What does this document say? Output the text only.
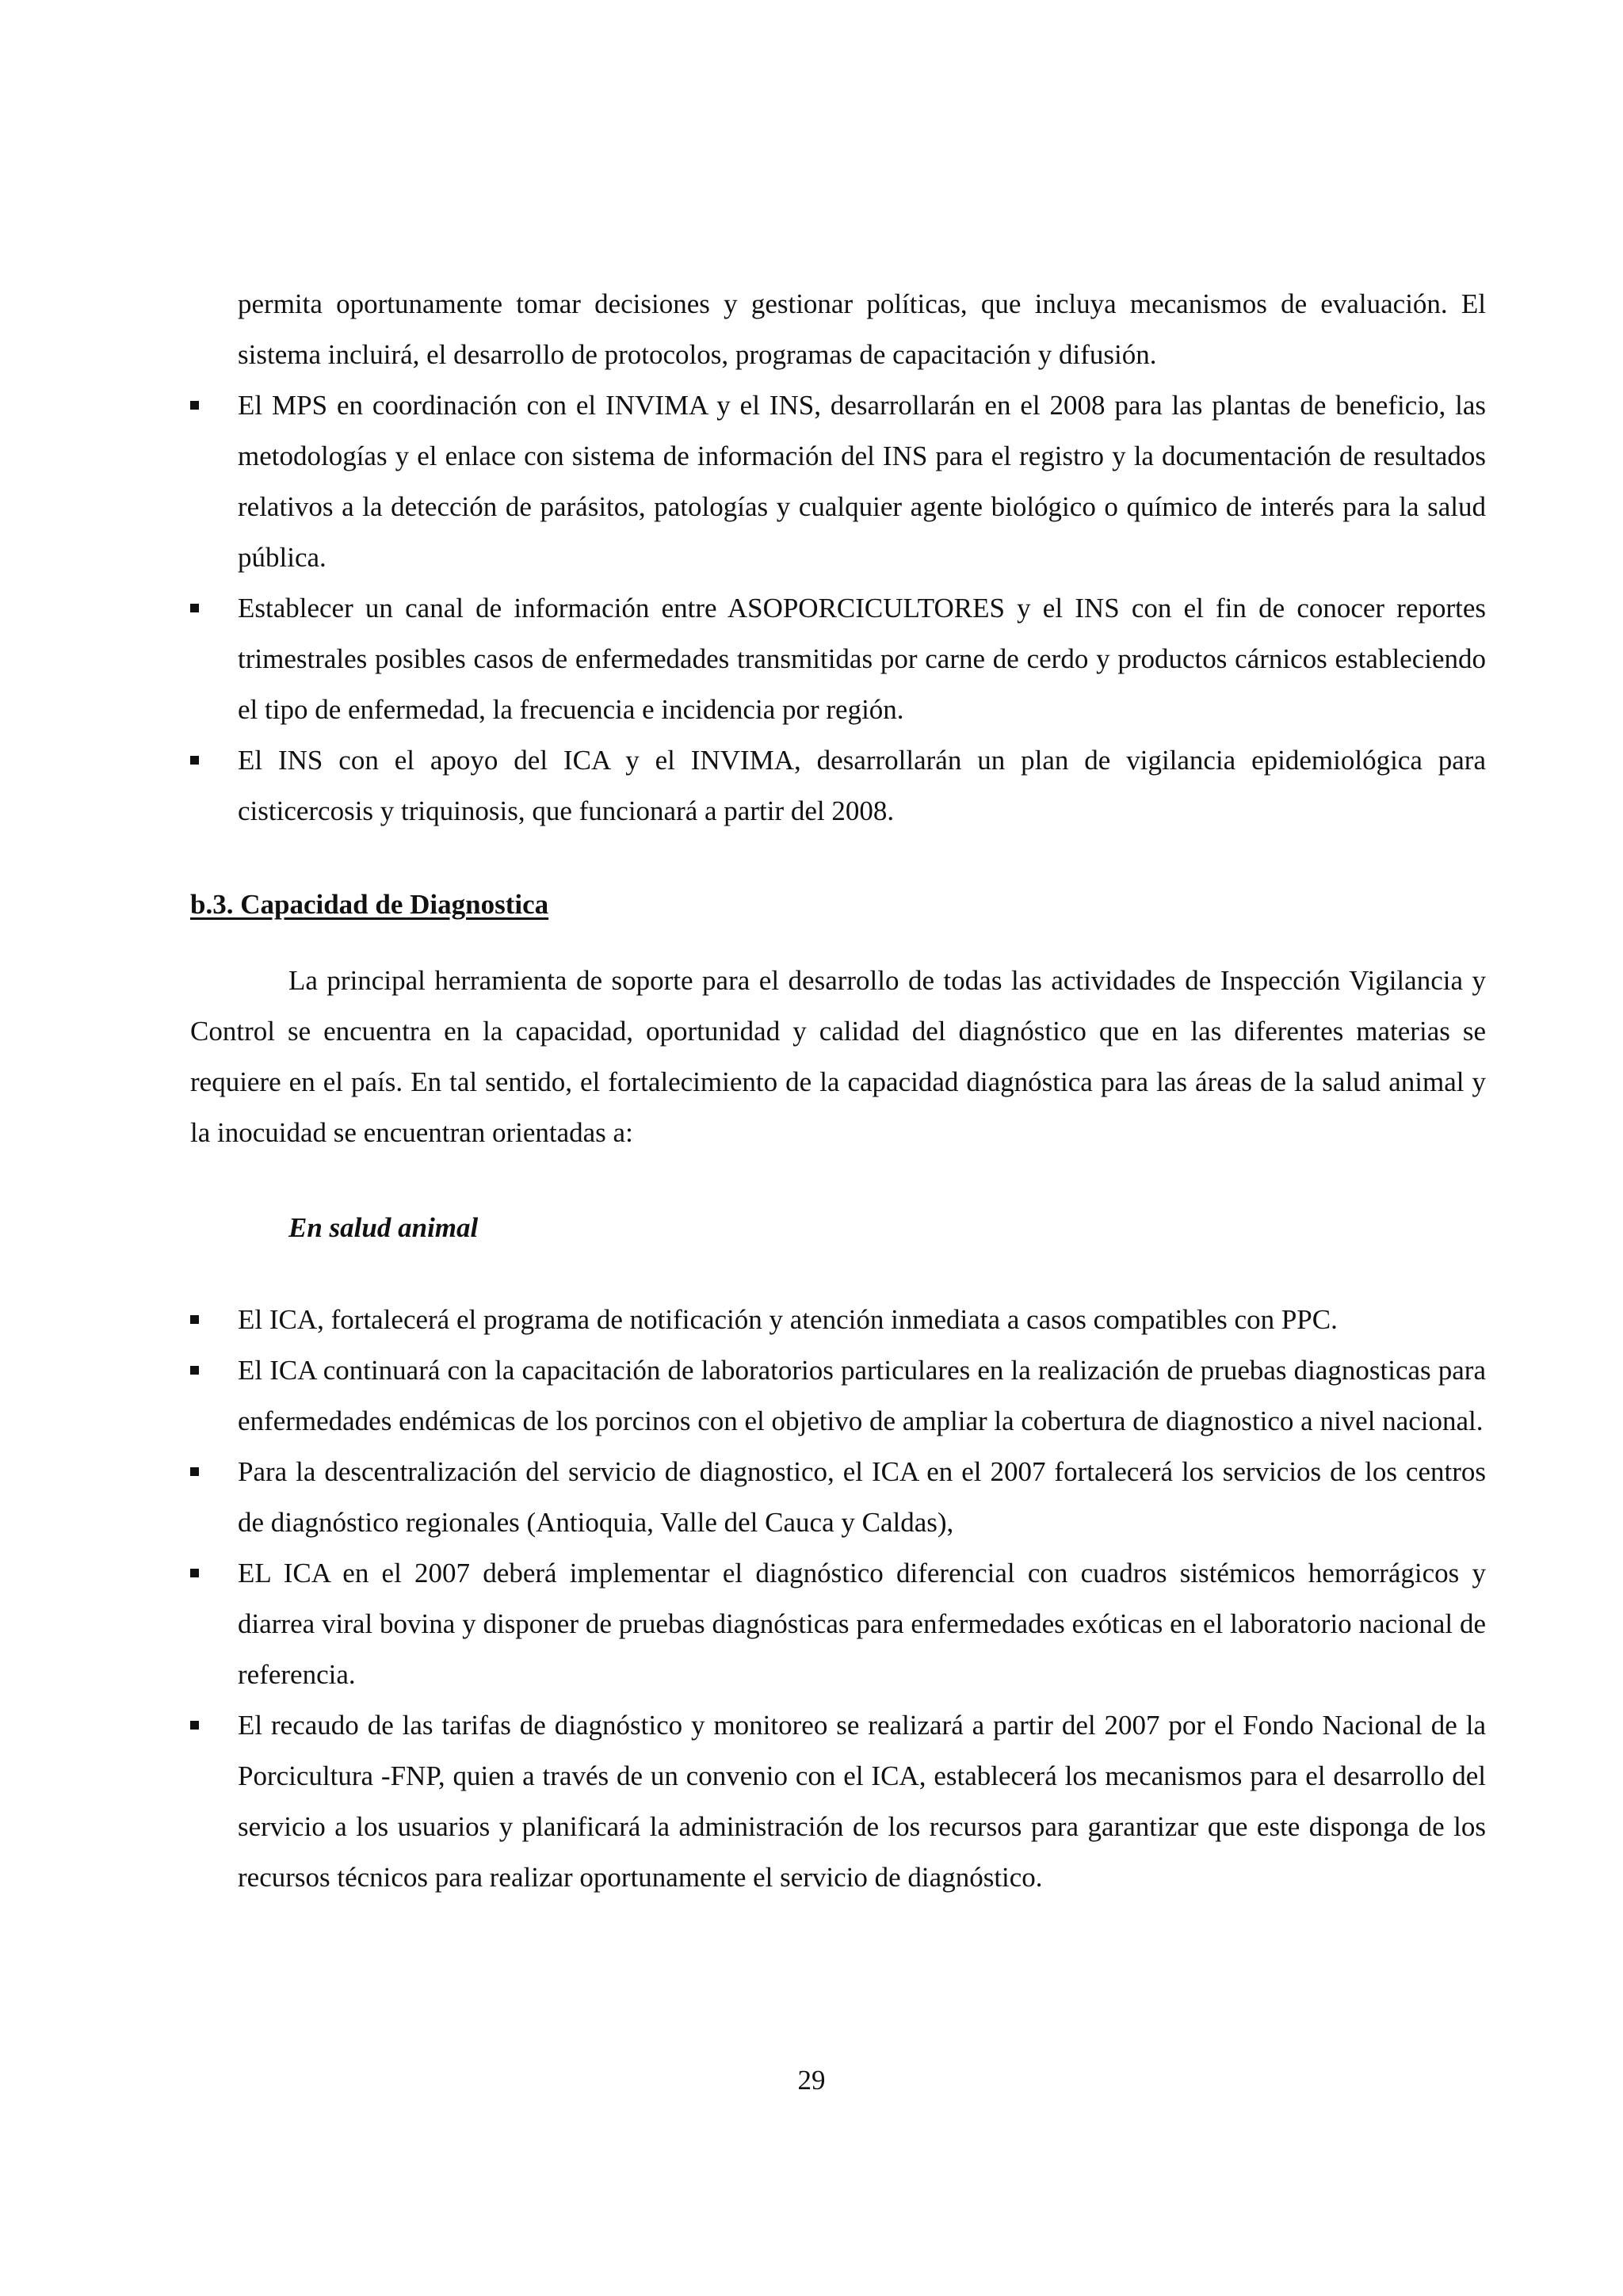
permita oportunamente tomar decisiones y gestionar políticas, que incluya mecanismos de evaluación. El sistema incluirá, el desarrollo de protocolos, programas de capacitación y difusión.

El MPS en coordinación con el INVIMA y el INS, desarrollarán en el 2008 para las plantas de beneficio, las metodologías y el enlace con sistema de información del INS para el registro y la documentación de resultados relativos a la detección de parásitos, patologías y cualquier agente biológico o químico de interés para la salud pública.
Establecer un canal de información entre ASOPORCICULTORES y el INS con el fin de conocer reportes trimestrales posibles casos de enfermedades transmitidas por carne de cerdo y productos cárnicos estableciendo el tipo de enfermedad, la frecuencia e incidencia por región.
El INS con el apoyo del ICA y el INVIMA, desarrollarán un plan de vigilancia epidemiológica para cisticercosis y triquinosis, que funcionará a partir del 2008.
b.3. Capacidad de Diagnostica

La principal herramienta de soporte para el desarrollo de todas las actividades de Inspección Vigilancia y Control se encuentra en la capacidad, oportunidad y calidad del diagnóstico que en las diferentes materias se requiere en el país. En tal sentido, el fortalecimiento de la capacidad diagnóstica para las áreas de la salud animal y la inocuidad se encuentran orientadas a:

En salud animal
El ICA, fortalecerá el programa de notificación y atención inmediata a casos compatibles con PPC.
El ICA continuará con la capacitación de laboratorios particulares en la realización de pruebas diagnosticas para enfermedades endémicas de los porcinos con el objetivo de ampliar la cobertura de diagnostico a nivel nacional.
Para la descentralización del servicio de diagnostico, el ICA en el 2007 fortalecerá los servicios de los centros de diagnóstico regionales (Antioquia, Valle del Cauca y Caldas),
EL ICA en el 2007 deberá implementar el diagnóstico diferencial con cuadros sistémicos hemorrágicos y diarrea viral bovina y disponer de pruebas diagnósticas para enfermedades exóticas en el laboratorio nacional de referencia.
El recaudo de las tarifas de diagnóstico y monitoreo se realizará a partir del 2007 por el Fondo Nacional de la Porcicultura -FNP, quien a través de un convenio con el ICA, establecerá los mecanismos para el desarrollo del servicio a los usuarios y planificará la administración de los recursos para garantizar que este disponga de los recursos técnicos para realizar oportunamente el servicio de diagnóstico.
29
